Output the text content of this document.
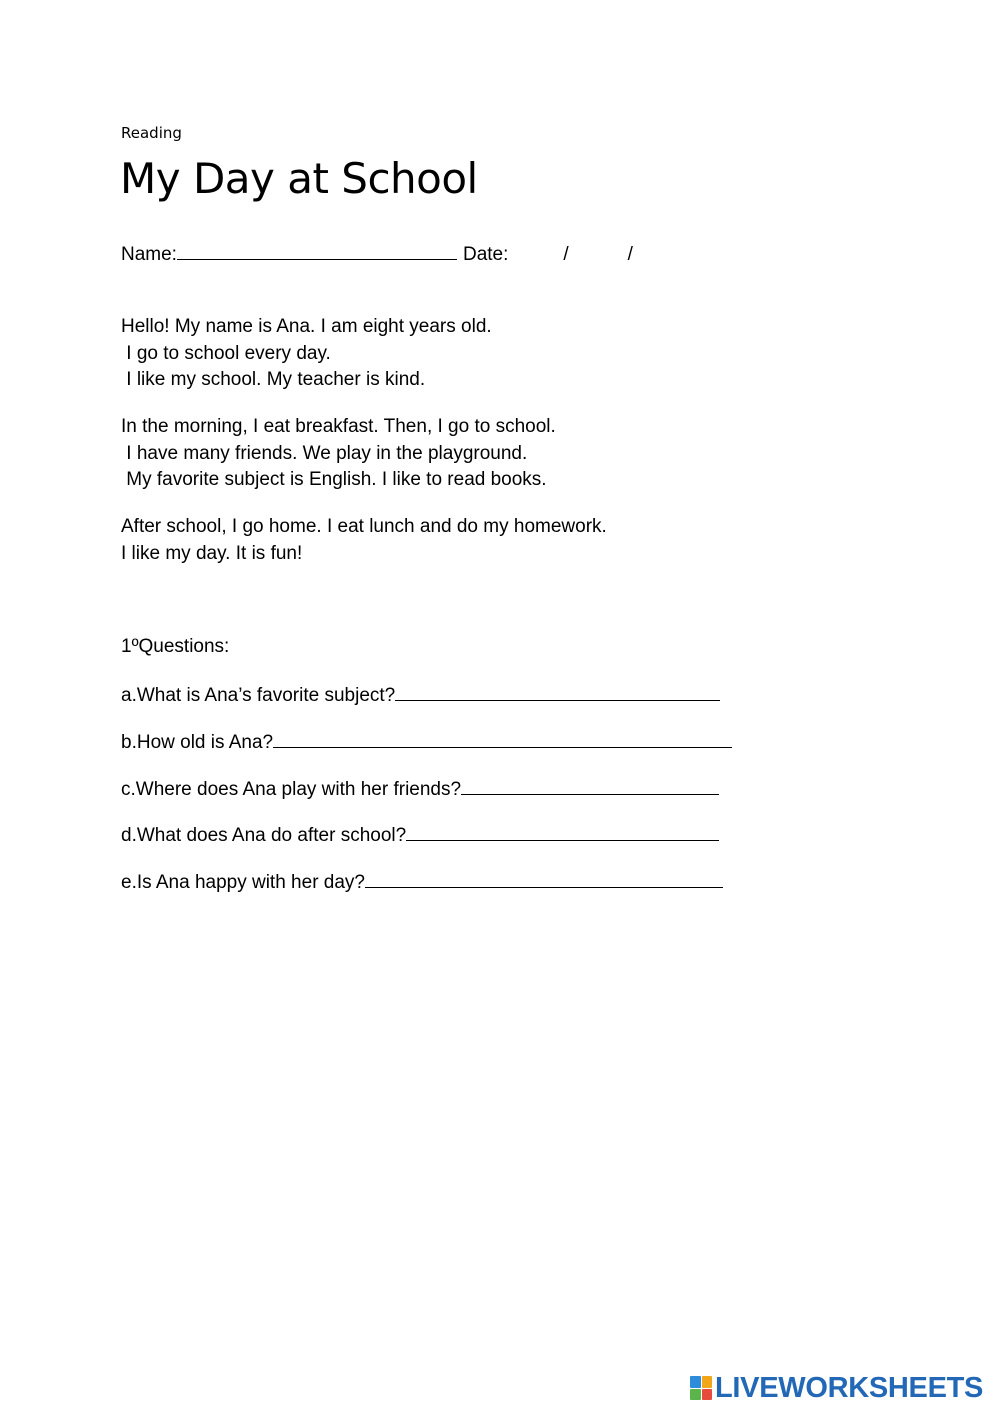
Reading
My Day at School
Name:	Date:	/	/
Hello! My name is Ana. I am eight years old.
I go to school every day.
I like my school. My teacher is kind.
In the morning, I eat breakfast. Then, I go to school.
I have many friends. We play in the playground.
My favorite subject is English. I like to read books.
After school, I go home. I eat lunch and do my homework.
I like my day. It is fun!
1ºQuestions:
a.What is Ana’s favorite subject?
b.How old is Ana?
c.Where does Ana play with her friends?
d.What does Ana do after school?
e.Is Ana happy with her day?
LIVEWORKSHEETS
